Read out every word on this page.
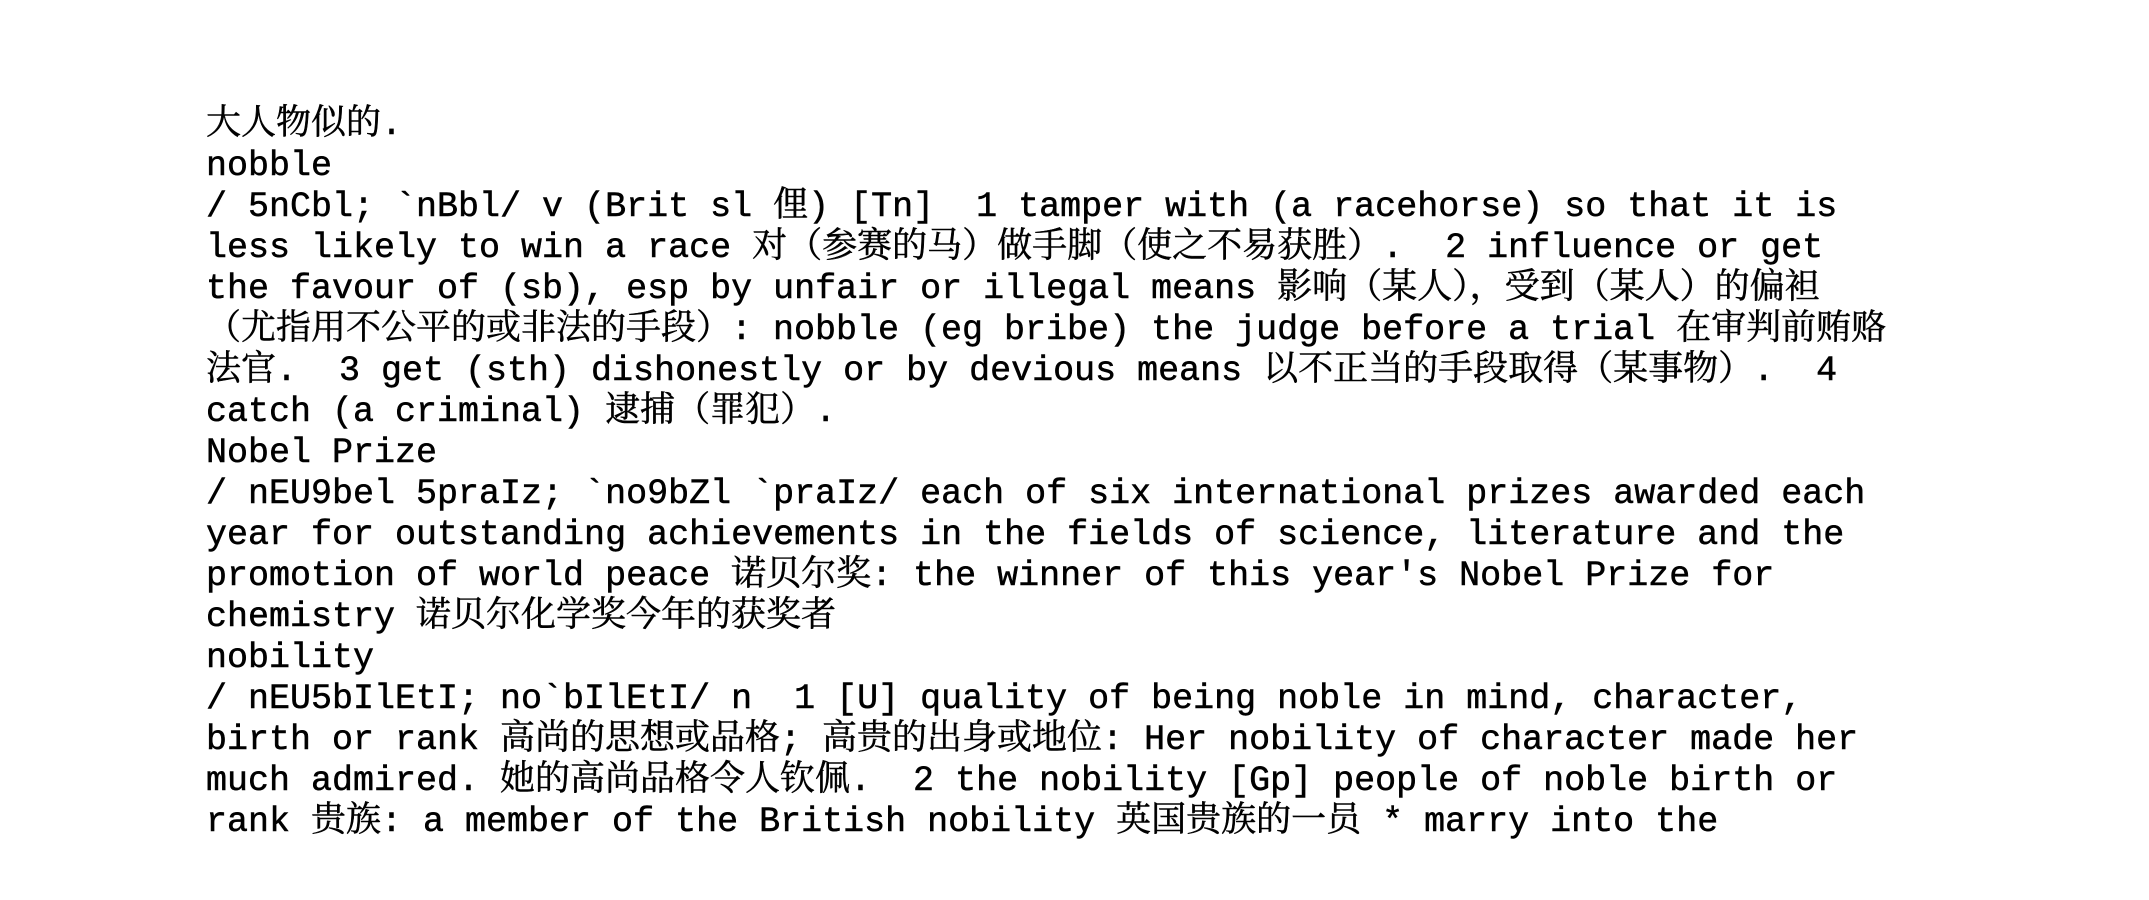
大人物似的.
nobble
/ 5nCbl; `nBbl/ v (Brit sl 俚) [Tn]  1 tamper with (a racehorse) so that it is
less likely to win a race 对（参赛的马）做手脚（使之不易获胜）.  2 influence or get
the favour of (sb), esp by unfair or illegal means 影响（某人），受到（某人）的偏袒
（尤指用不公平的或非法的手段）: nobble (eg bribe) the judge before a trial 在审判前贿赂
法官.  3 get (sth) dishonestly or by devious means 以不正当的手段取得（某事物）.  4
catch (a criminal) 逮捕（罪犯）.
Nobel Prize
/ nEU9bel 5praIz; `no9bZl `praIz/ each of six international prizes awarded each
year for outstanding achievements in the fields of science, literature and the
promotion of world peace 诺贝尔奖: the winner of this year's Nobel Prize for
chemistry 诺贝尔化学奖今年的获奖者
nobility
/ nEU5bIlEtI; no`bIlEtI/ n  1 [U] quality of being noble in mind, character,
birth or rank 高尚的思想或品格; 高贵的出身或地位: Her nobility of character made her
much admired. 她的高尚品格令人钦佩.  2 the nobility [Gp] people of noble birth or
rank 贵族: a member of the British nobility 英国贵族的一员 * marry into the
